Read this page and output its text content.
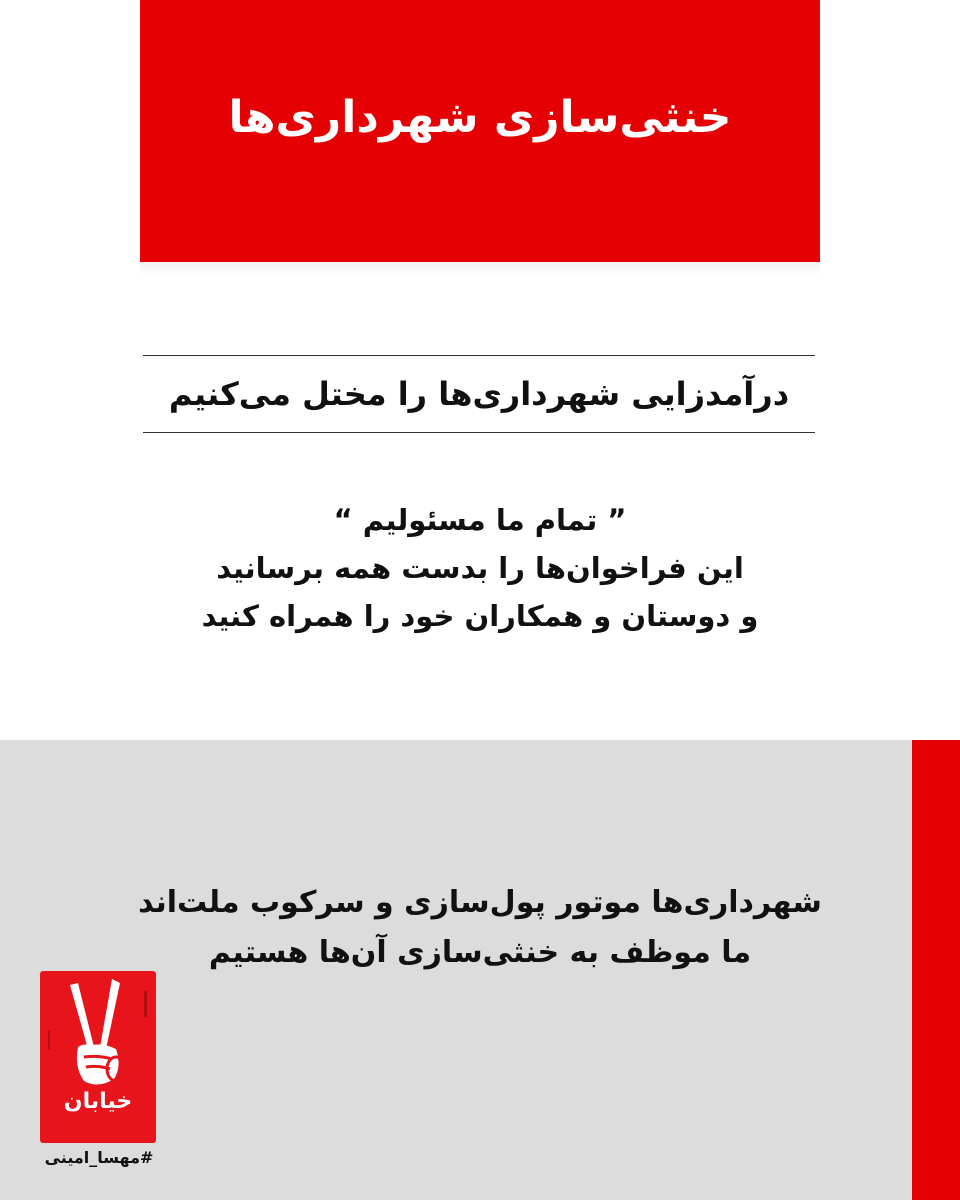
خنثی‌سازی شهرداری‌ها
درآمدزایی شهرداری‌ها را مختل می‌کنیم
” تمام ما مسئولیم “
این فراخوان‌ها را بدست همه برسانید
و دوستان و همکاران خود را همراه کنید
شهرداری‌ها موتور پول‌سازی و سرکوب ملت‌اند
ما موظف به خنثی‌سازی آن‌ها هستیم
خیابان
#مهسا_امینی
